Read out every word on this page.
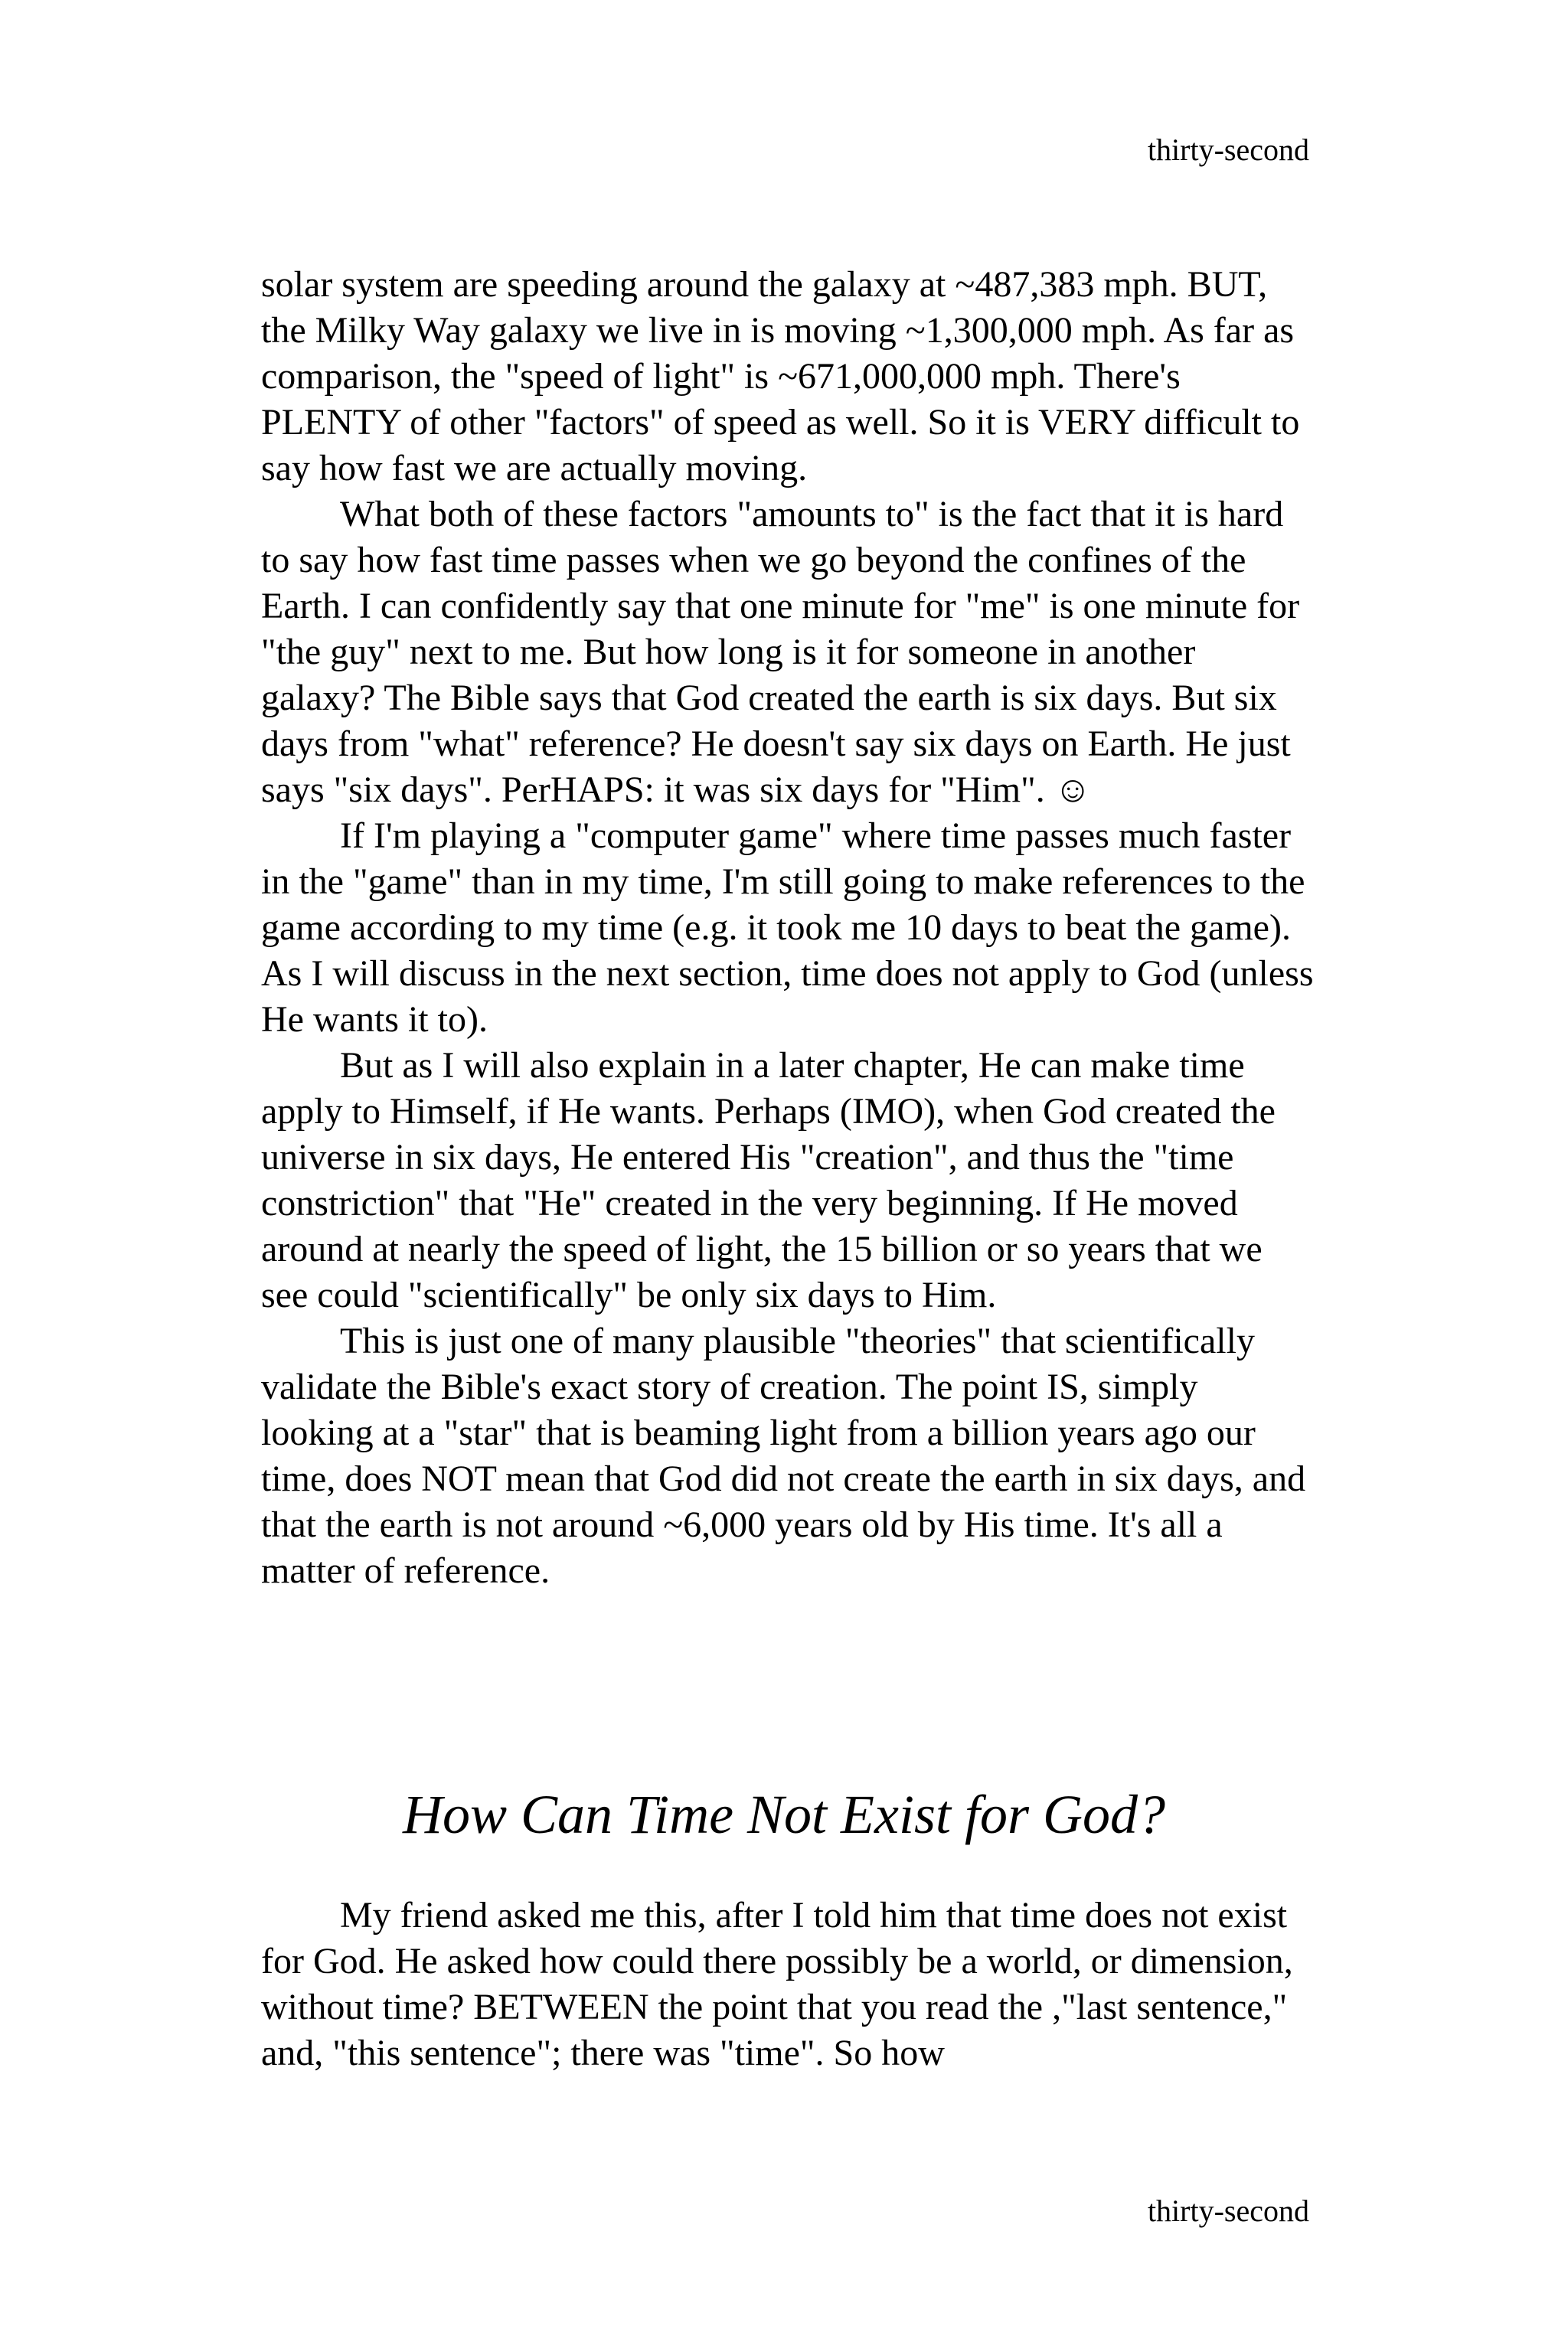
thirty-second

solar system are speeding around the galaxy at ~487,383 mph. BUT, the Milky Way galaxy we live in is moving ~1,300,000 mph. As far as comparison, the "speed of light" is ~671,000,000 mph. There's PLENTY of other "factors" of speed as well. So it is VERY difficult to say how fast we are actually moving.

What both of these factors "amounts to" is the fact that it is hard to say how fast time passes when we go beyond the confines of the Earth. I can confidently say that one minute for "me" is one minute for "the guy" next to me. But how long is it for someone in another galaxy? The Bible says that God created the earth is six days. But six days from "what" reference? He doesn't say six days on Earth. He just says "six days". PerHAPS: it was six days for "Him". ☺

If I'm playing a "computer game" where time passes much faster in the "game" than in my time, I'm still going to make references to the game according to my time (e.g. it took me 10 days to beat the game). As I will discuss in the next section, time does not apply to God (unless He wants it to).

But as I will also explain in a later chapter, He can make time apply to Himself, if He wants. Perhaps (IMO), when God created the universe in six days, He entered His "creation", and thus the "time constriction" that "He" created in the very beginning. If He moved around at nearly the speed of light, the 15 billion or so years that we see could "scientifically" be only six days to Him.

This is just one of many plausible "theories" that scientifically validate the Bible's exact story of creation. The point IS, simply looking at a "star" that is beaming light from a billion years ago our time, does NOT mean that God did not create the earth in six days, and that the earth is not around ~6,000 years old by His time. It's all a matter of reference.

How Can Time Not Exist for God?

My friend asked me this, after I told him that time does not exist for God. He asked how could there possibly be a world, or dimension, without time? BETWEEN the point that you read the ,"last sentence," and, "this sentence"; there was "time". So how

thirty-second
